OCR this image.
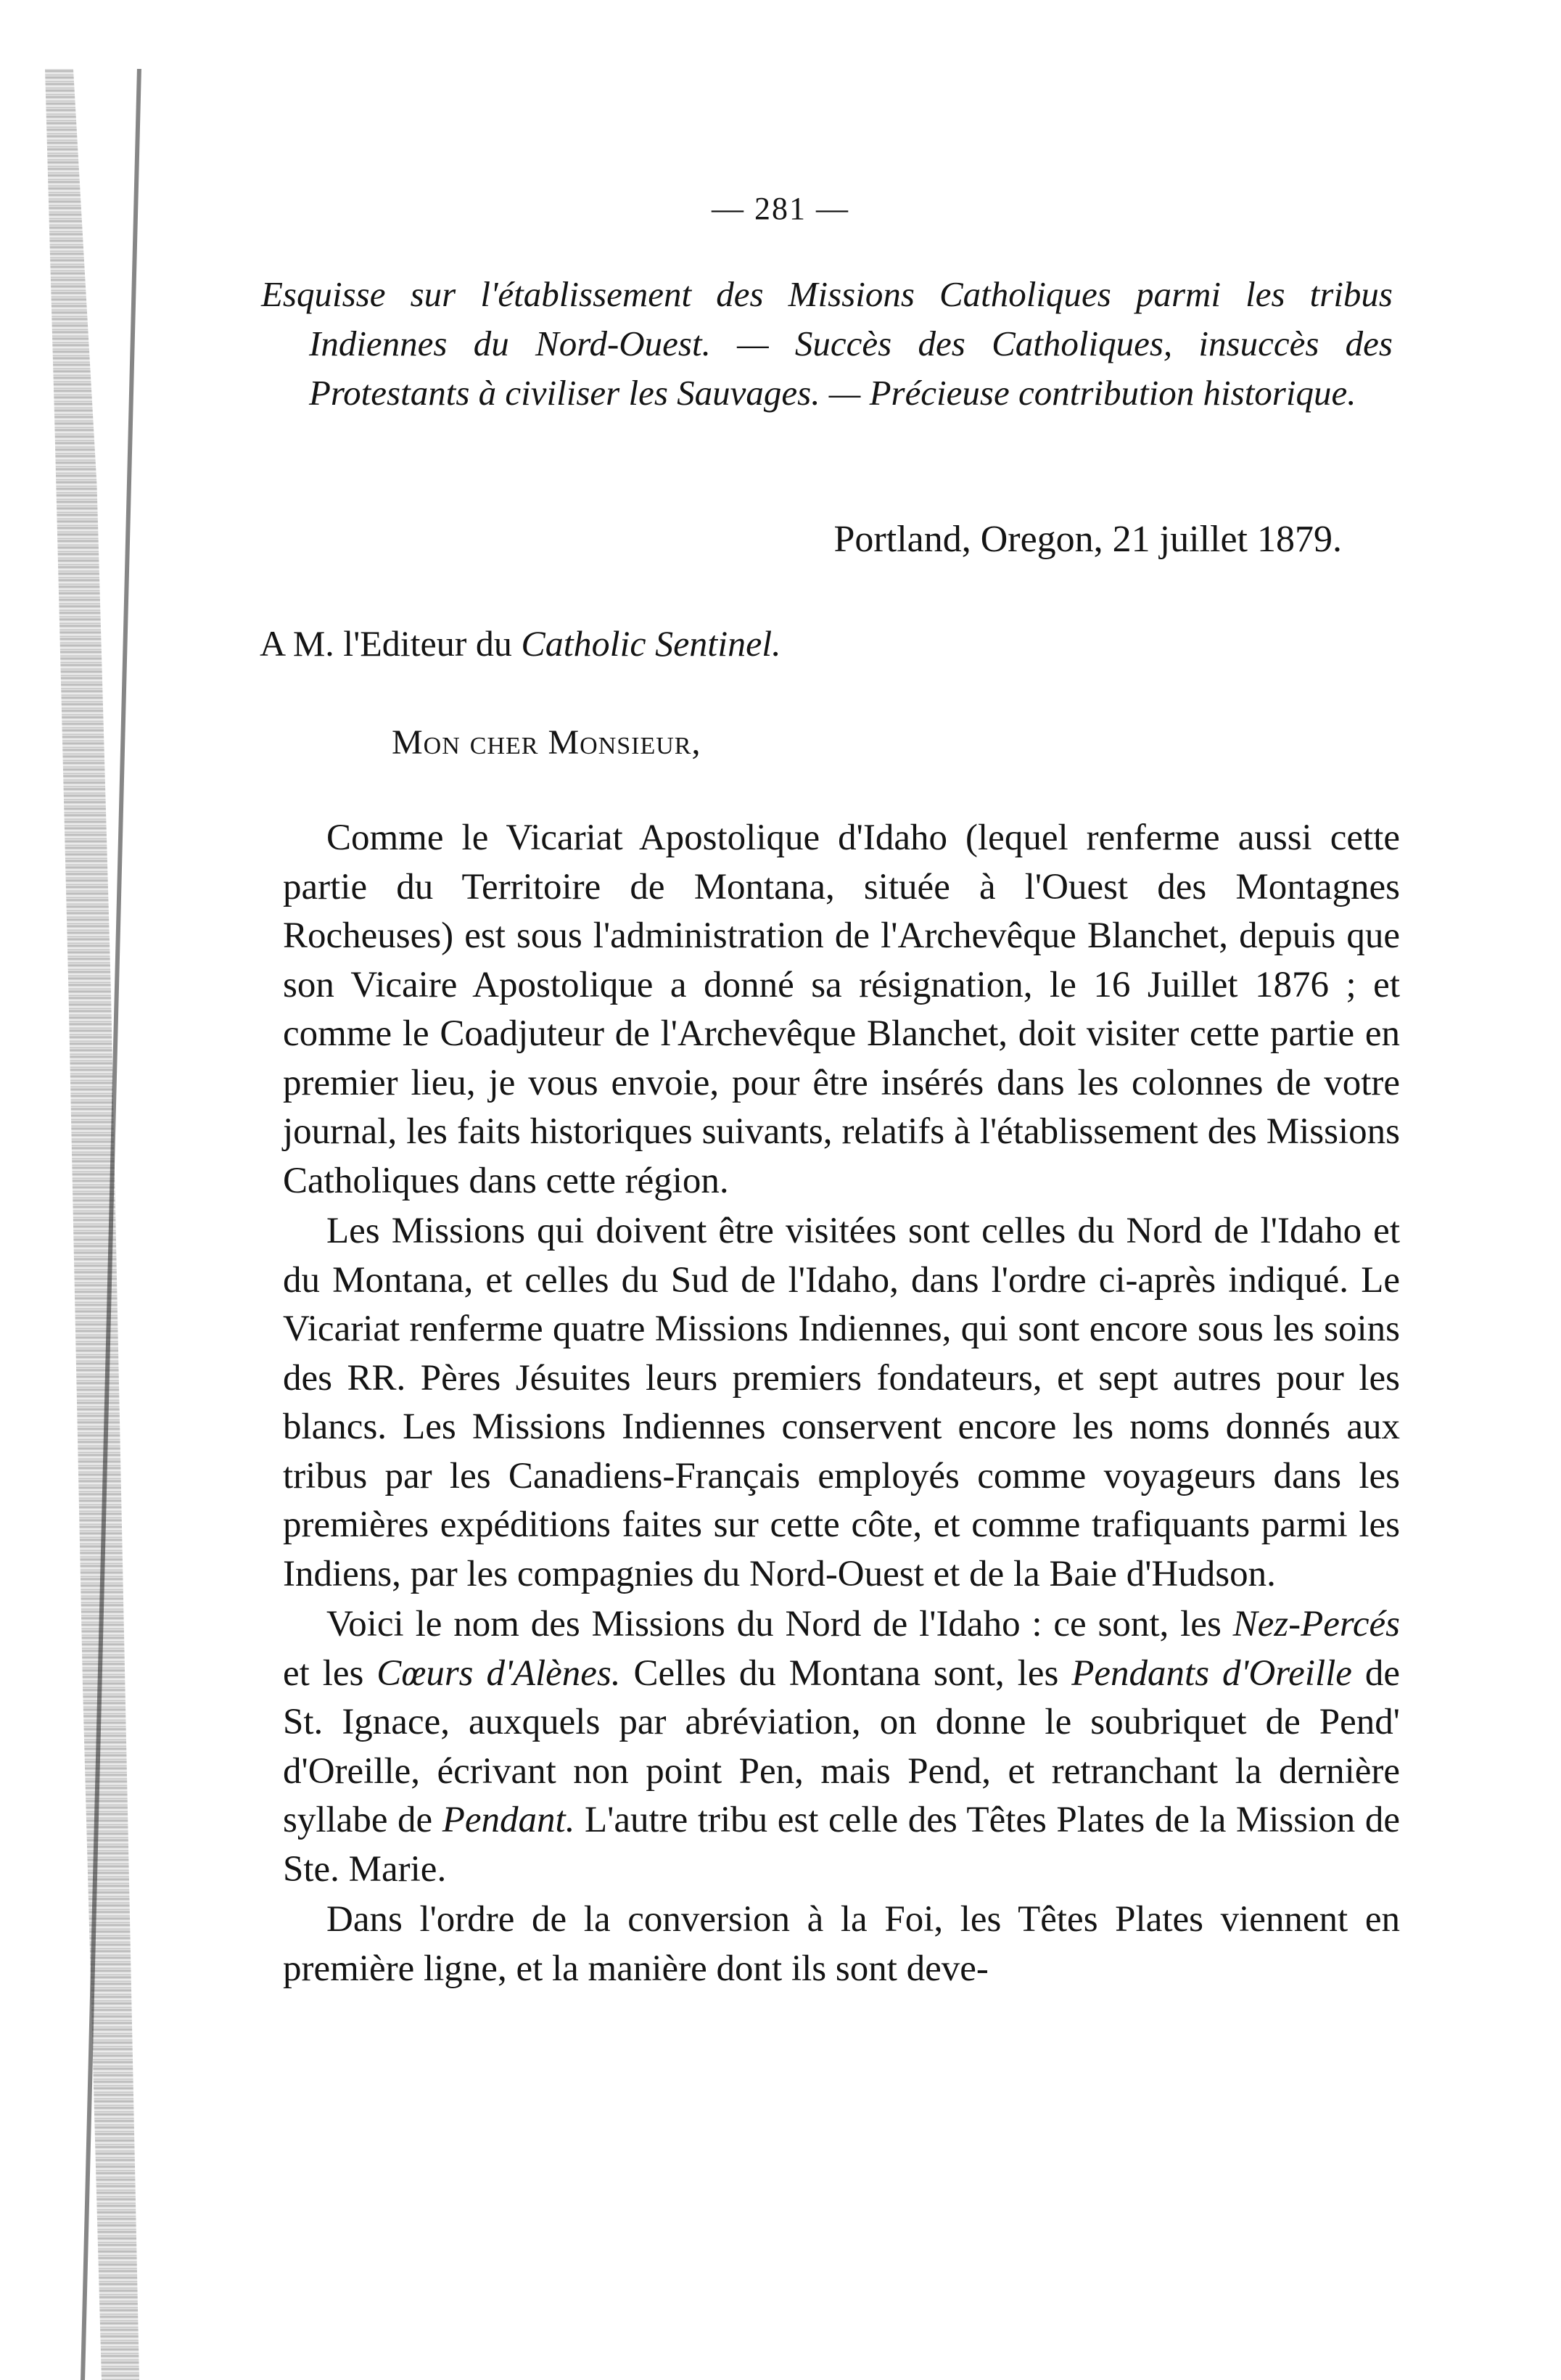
— 281 —
Esquisse sur l'établissement des Missions Catholiques parmi les tribus Indiennes du Nord-Ouest. — Succès des Catholiques, insuccès des Protestants à civiliser les Sauvages. — Précieuse contribution historique.
Portland, Oregon, 21 juillet 1879.
A M. l'Editeur du Catholic Sentinel.
Mon cher Monsieur,

Comme le Vicariat Apostolique d'Idaho (lequel renferme aussi cette partie du Territoire de Montana, située à l'Ouest des Montagnes Rocheuses) est sous l'administration de l'Archevêque Blanchet, depuis que son Vicaire Apostolique a donné sa résignation, le 16 Juillet 1876 ; et comme le Coadjuteur de l'Archevêque Blanchet, doit visiter cette partie en premier lieu, je vous envoie, pour être insérés dans les colonnes de votre journal, les faits historiques suivants, relatifs à l'établissement des Missions Catholiques dans cette région.

Les Missions qui doivent être visitées sont celles du Nord de l'Idaho et du Montana, et celles du Sud de l'Idaho, dans l'ordre ci-après indiqué. Le Vicariat renferme quatre Missions Indiennes, qui sont encore sous les soins des RR. Pères Jésuites leurs premiers fondateurs, et sept autres pour les blancs. Les Missions Indiennes conservent encore les noms donnés aux tribus par les Canadiens-Français employés comme voyageurs dans les premières expéditions faites sur cette côte, et comme trafiquants parmi les Indiens, par les compagnies du Nord-Ouest et de la Baie d'Hudson.

Voici le nom des Missions du Nord de l'Idaho : ce sont, les Nez-Percés et les Cœurs d'Alènes. Celles du Montana sont, les Pendants d'Oreille de St. Ignace, auxquels par abréviation, on donne le soubriquet de Pend' d'Oreille, écrivant non point Pen, mais Pend, et retranchant la dernière syllabe de Pendant. L'autre tribu est celle des Têtes Plates de la Mission de Ste. Marie.

Dans l'ordre de la conversion à la Foi, les Têtes Plates viennent en première ligne, et la manière dont ils sont deve-
